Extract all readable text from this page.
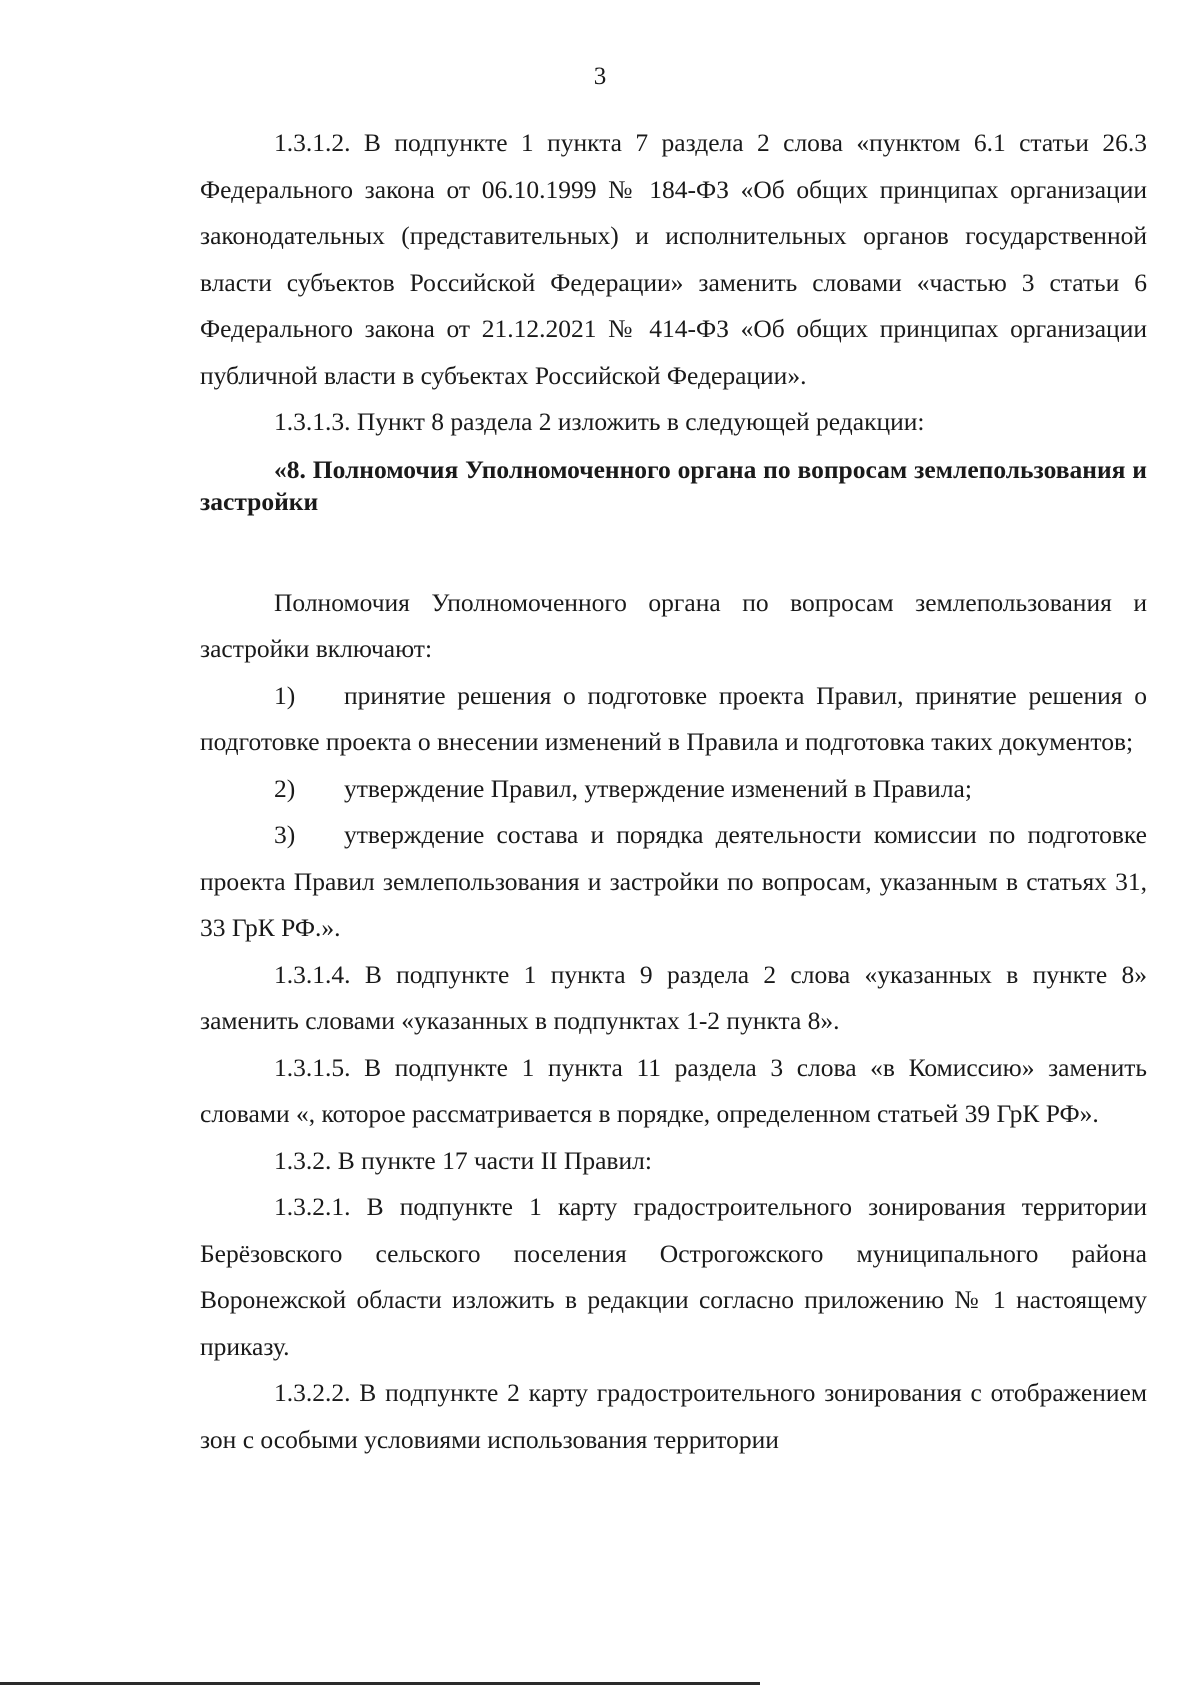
3

1.3.1.2. В подпункте 1 пункта 7 раздела 2 слова «пунктом 6.1 статьи 26.3 Федерального закона от 06.10.1999 № 184-ФЗ «Об общих принципах организации законодательных (представительных) и исполнительных органов государственной власти субъектов Российской Федерации» заменить словами «частью 3 статьи 6 Федерального закона от 21.12.2021 № 414-ФЗ «Об общих принципах организации публичной власти в субъектах Российской Федерации».

1.3.1.3. Пункт 8 раздела 2 изложить в следующей редакции:

«8. Полномочия Уполномоченного органа по вопросам землепользования и застройки

Полномочия Уполномоченного органа по вопросам землепользования и застройки включают:

1) принятие решения о подготовке проекта Правил, принятие решения о подготовке проекта о внесении изменений в Правила и подготовка таких документов;

2) утверждение Правил, утверждение изменений в Правила;

3) утверждение состава и порядка деятельности комиссии по подготовке проекта Правил землепользования и застройки по вопросам, указанным в статьях 31, 33 ГрК РФ.».

1.3.1.4. В подпункте 1 пункта 9 раздела 2 слова «указанных в пункте 8» заменить словами «указанных в подпунктах 1-2 пункта 8».

1.3.1.5. В подпункте 1 пункта 11 раздела 3 слова «в Комиссию» заменить словами «, которое рассматривается в порядке, определенном статьей 39 ГрК РФ».

1.3.2. В пункте 17 части II Правил:

1.3.2.1. В подпункте 1 карту градостроительного зонирования территории Берёзовского сельского поселения Острогожского муниципального района Воронежской области изложить в редакции согласно приложению № 1 настоящему приказу.

1.3.2.2. В подпункте 2 карту градостроительного зонирования с отображением зон с особыми условиями использования территории
